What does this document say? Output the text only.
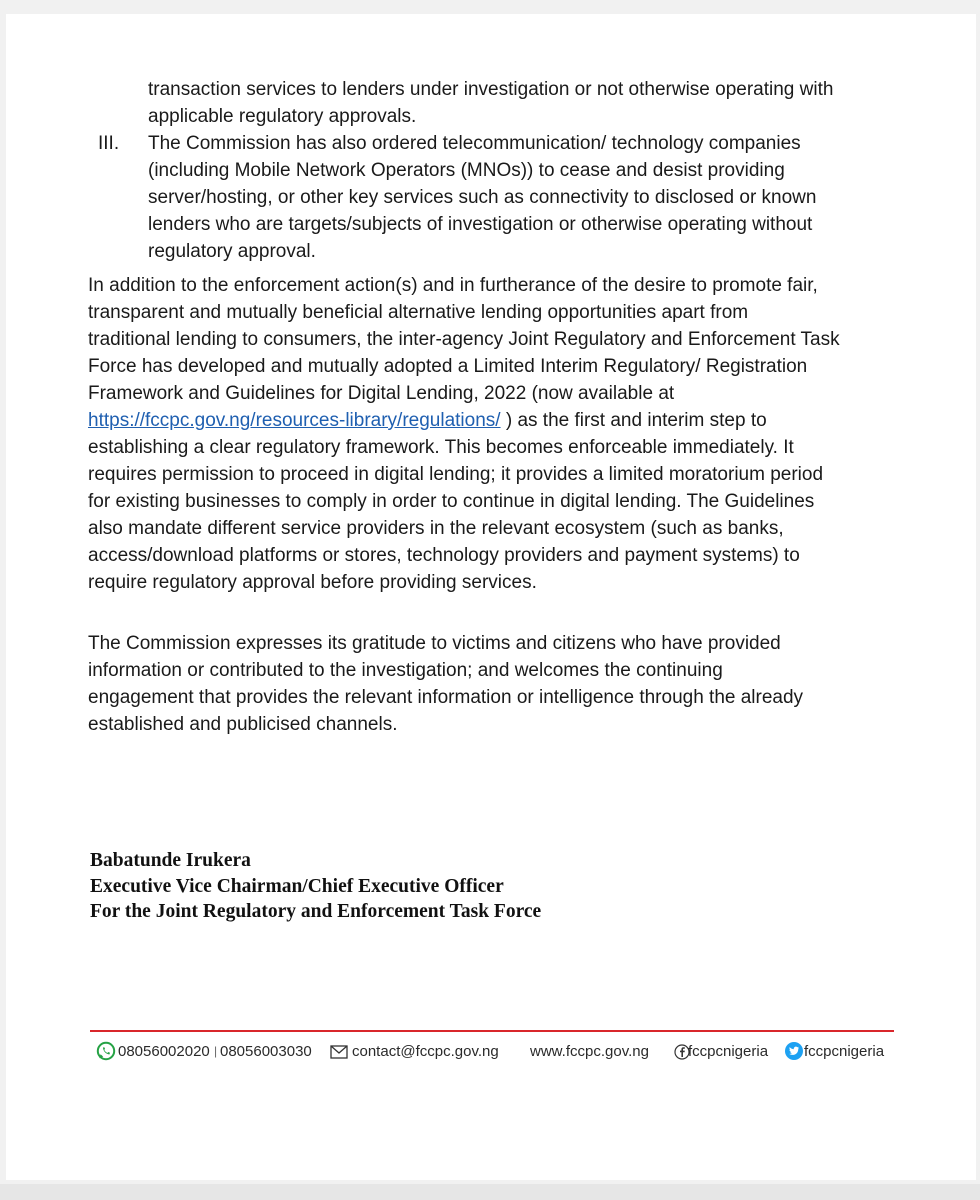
transaction services to lenders under investigation or not otherwise operating with
applicable regulatory approvals.
III. The Commission has also ordered telecommunication/ technology companies
(including Mobile Network Operators (MNOs)) to cease and desist providing
server/hosting, or other key services such as connectivity to disclosed or known
lenders who are targets/subjects of investigation or otherwise operating without
regulatory approval.

In addition to the enforcement action(s) and in furtherance of the desire to promote fair,

transparent and mutually beneficial alternative lending opportunities apart from

traditional lending to consumers, the inter-agency Joint Regulatory and Enforcement Task

Force has developed and mutually adopted a Limited Interim Regulatory/ Registration

Framework and Guidelines for Digital Lending, 2022 (now available at

https://fccpc.gov.ng/resources-library/regulations/ ) as the first and interim step to

establishing a clear regulatory framework. This becomes enforceable immediately. It

requires permission to proceed in digital lending; it provides a limited moratorium period

for existing businesses to comply in order to continue in digital lending. The Guidelines

also mandate different service providers in the relevant ecosystem (such as banks,

access/download platforms or stores, technology providers and payment systems) to

require regulatory approval before providing services.

The Commission expresses its gratitude to victims and citizens who have provided

information or contributed to the investigation; and welcomes the continuing

engagement that provides the relevant information or intelligence through the already

established and publicised channels.

Babatunde Irukera
Executive Vice Chairman/Chief Executive Officer
For the Joint Regulatory and Enforcement Task Force
08056002020 | 08056003030	contact@fccpc.gov.ng www.fccpc.gov.ng	fccpcnigeria fccpcnigeria
